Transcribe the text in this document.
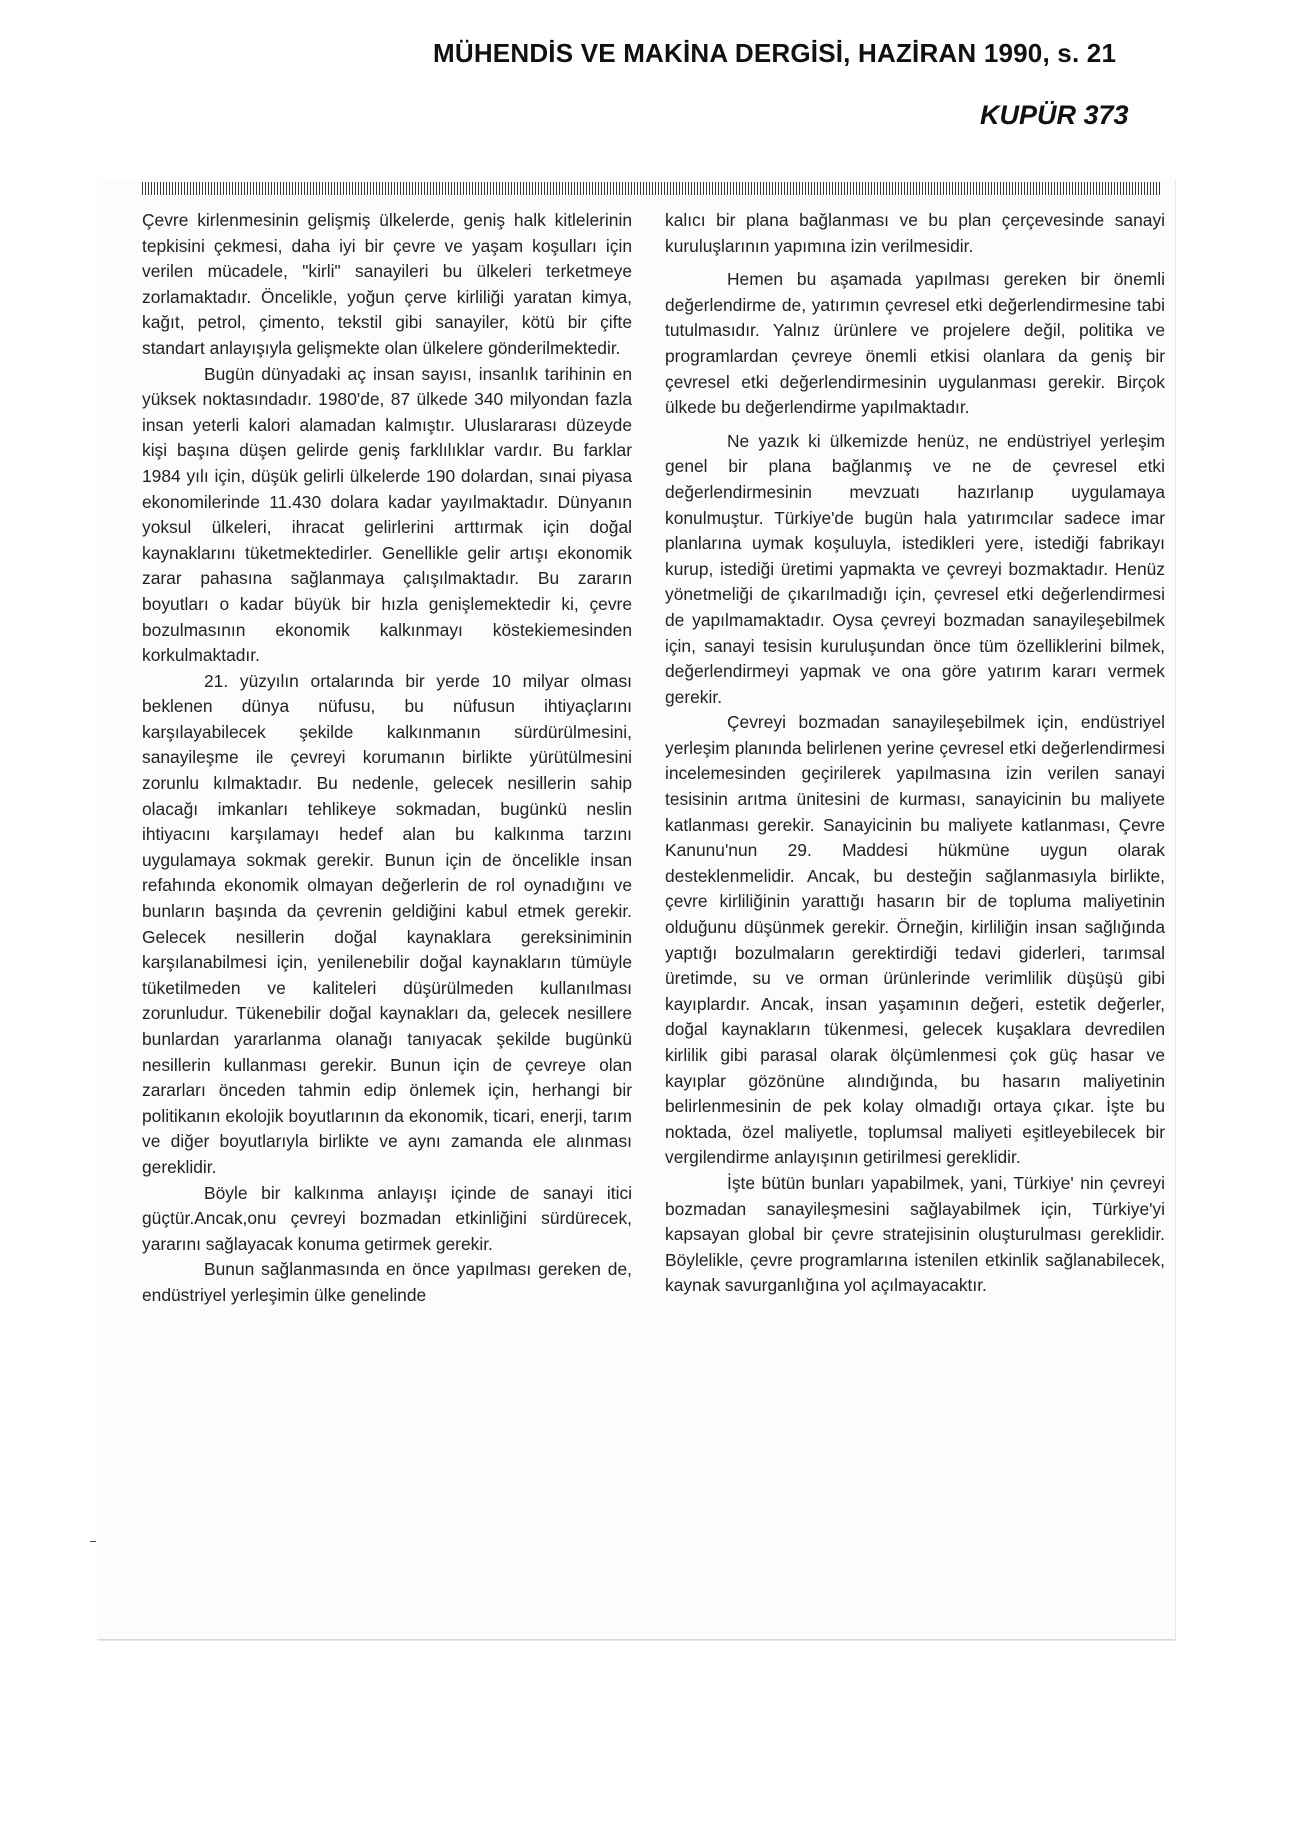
MÜHENDİS VE MAKİNA DERGİSİ, HAZİRAN 1990, s. 21
KUPÜR 373

Çevre kirlenmesinin gelişmiş ülkelerde, geniş halk kitlelerinin tepkisini çekmesi, daha iyi bir çevre ve yaşam koşulları için verilen mücadele, "kirli" sanayileri bu ülkeleri terketmeye zorlamaktadır. Öncelikle, yoğun çerve kirliliği yaratan kimya, kağıt, petrol, çimento, tekstil gibi sanayiler, kötü bir çifte standart anlayışıyla gelişmekte olan ülkelere gönderilmektedir.

Bugün dünyadaki aç insan sayısı, insanlık tarihinin en yüksek noktasındadır. 1980'de, 87 ülkede 340 milyondan fazla insan yeterli kalori alamadan kalmıştır. Uluslararası düzeyde kişi başına düşen gelirde geniş farklılıklar vardır. Bu farklar 1984 yılı için, düşük gelirli ülkelerde 190 dolardan, sınai piyasa ekonomilerinde 11.430 dolara kadar yayılmaktadır. Dünyanın yoksul ülkeleri, ihracat gelirlerini arttırmak için doğal kaynaklarını tüketmektedirler. Genellikle gelir artışı ekonomik zarar pahasına sağlanmaya çalışılmaktadır. Bu zararın boyutları o kadar büyük bir hızla genişlemektedir ki, çevre bozulmasının ekonomik kalkınmayı köstekiemesinden korkulmaktadır.

21. yüzyılın ortalarında bir yerde 10 milyar olması beklenen dünya nüfusu, bu nüfusun ihtiyaçlarını karşılayabilecek şekilde kalkınmanın sürdürülmesini, sanayileşme ile çevreyi korumanın birlikte yürütülmesini zorunlu kılmaktadır. Bu nedenle, gelecek nesillerin sahip olacağı imkanları tehlikeye sokmadan, bugünkü neslin ihtiyacını karşılamayı hedef alan bu kalkınma tarzını uygulamaya sokmak gerekir. Bunun için de öncelikle insan refahında ekonomik olmayan değerlerin de rol oynadığını ve bunların başında da çevrenin geldiğini kabul etmek gerekir. Gelecek nesillerin doğal kaynaklara gereksiniminin karşılanabilmesi için, yenilenebilir doğal kaynakların tümüyle tüketilmeden ve kaliteleri düşürülmeden kullanılması zorunludur. Tükenebilir doğal kaynakları da, gelecek nesillere bunlardan yararlanma olanağı tanıyacak şekilde bugünkü nesillerin kullanması gerekir. Bunun için de çevreye olan zararları önceden tahmin edip önlemek için, herhangi bir politikanın ekolojik boyutlarının da ekonomik, ticari, enerji, tarım ve diğer boyutlarıyla birlikte ve aynı zamanda ele alınması gereklidir.

Böyle bir kalkınma anlayışı içinde de sanayi itici güçtür.Ancak,onu çevreyi bozmadan etkinliğini sürdürecek, yararını sağlayacak konuma getirmek gerekir.

Bunun sağlanmasında en önce yapılması gereken de, endüstriyel yerleşimin ülke genelinde

kalıcı bir plana bağlanması ve bu plan çerçevesinde sanayi kuruluşlarının yapımına izin verilmesidir.

Hemen bu aşamada yapılması gereken bir önemli değerlendirme de, yatırımın çevresel etki değerlendirmesine tabi tutulmasıdır. Yalnız ürünlere ve projelere değil, politika ve programlardan çevreye önemli etkisi olanlara da geniş bir çevresel etki değerlendirmesinin uygulanması gerekir. Birçok ülkede bu değerlendirme yapılmaktadır.

Ne yazık ki ülkemizde henüz, ne endüstriyel yerleşim genel bir plana bağlanmış ve ne de çevresel etki değerlendirmesinin mevzuatı hazırlanıp uygulamaya konulmuştur. Türkiye'de bugün hala yatırımcılar sadece imar planlarına uymak koşuluyla, istedikleri yere, istediği fabrikayı kurup, istediği üretimi yapmakta ve çevreyi bozmaktadır. Henüz yönetmeliği de çıkarılmadığı için, çevresel etki değerlendirmesi de yapılmamaktadır. Oysa çevreyi bozmadan sanayileşebilmek için, sanayi tesisin kuruluşundan önce tüm özelliklerini bilmek, değerlendirmeyi yapmak ve ona göre yatırım kararı vermek gerekir.

Çevreyi bozmadan sanayileşebilmek için, endüstriyel yerleşim planında belirlenen yerine çevresel etki değerlendirmesi incelemesinden geçirilerek yapılmasına izin verilen sanayi tesisinin arıtma ünitesini de kurması, sanayicinin bu maliyete katlanması gerekir. Sanayicinin bu maliyete katlanması, Çevre Kanunu'nun 29. Maddesi hükmüne uygun olarak desteklenmelidir. Ancak, bu desteğin sağlanmasıyla birlikte, çevre kirliliğinin yarattığı hasarın bir de topluma maliyetinin olduğunu düşünmek gerekir. Örneğin, kirliliğin insan sağlığında yaptığı bozulmaların gerektirdiği tedavi giderleri, tarımsal üretimde, su ve orman ürünlerinde verimlilik düşüşü gibi kayıplardır. Ancak, insan yaşamının değeri, estetik değerler, doğal kaynakların tükenmesi, gelecek kuşaklara devredilen kirlilik gibi parasal olarak ölçümlenmesi çok güç hasar ve kayıplar gözönüne alındığında, bu hasarın maliyetinin belirlenmesinin de pek kolay olmadığı ortaya çıkar. İşte bu noktada, özel maliyetle, toplumsal maliyeti eşitleyebilecek bir vergilendirme anlayışının getirilmesi gereklidir.

İşte bütün bunları yapabilmek, yani, Türkiye' nin çevreyi bozmadan sanayileşmesini sağlayabilmek için, Türkiye'yi kapsayan global bir çevre stratejisinin oluşturulması gereklidir. Böylelikle, çevre programlarına istenilen etkinlik sağlanabilecek, kaynak savurganlığına yol açılmayacaktır.
